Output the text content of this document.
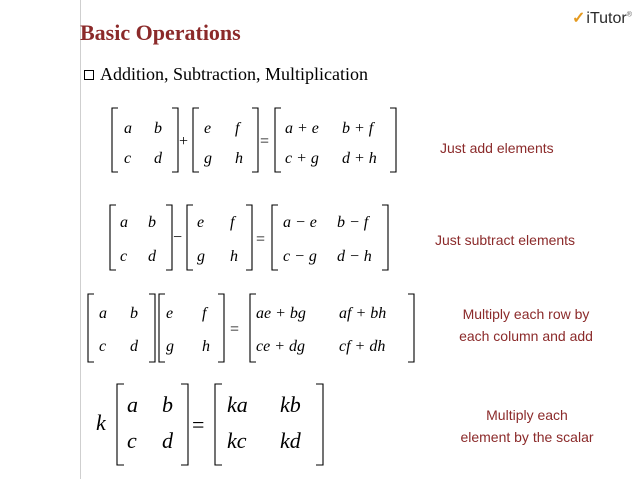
Basic Operations
✓iTutor®
Addition, Subtraction, Multiplication
a b
c d
+
e f
g h
=
a + e b + f
c + g d + h
a b
c d
−
e f
g h
=
a − e b − f
c − g d − h
a b
c d
e f
g h
=
ae + bg af + bh
ce + dg cf + dh
k
a b
c d
=
ka kb
kc kd
Just add elements
Just subtract elements
Multiply each row by
each column and add
Multiply each
element by the scalar
